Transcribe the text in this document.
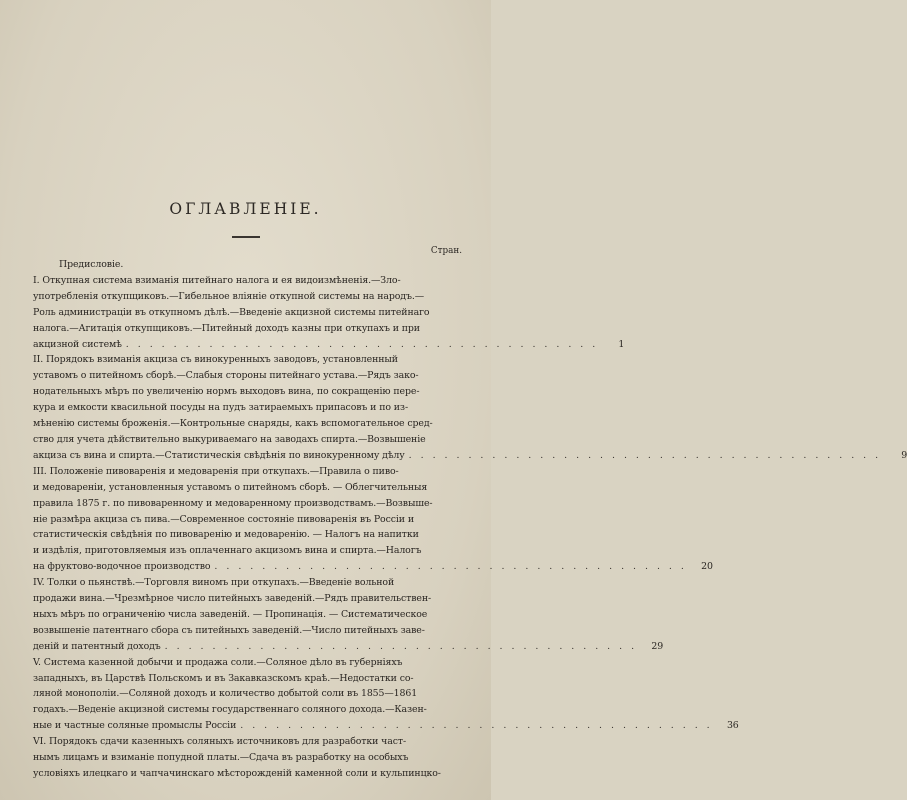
ОГЛАВЛЕНІЕ.
Стран.
Предисловіе.
I. Откупная система взиманія питейнаго налога и ея видоизмѣненія.—Зло-
употребленія откупщиковъ.—Гибельное вліяніе откупной системы на народъ.—
Роль администраціи въ откупномъ дѣлѣ.—Введеніе акцизной системы питейнаго
налога.—Агитація откупщиковъ.—Питейный доходъ казны при откупахъ и при
акцизной системѣ . . . . . . . . . . . . . . . . . . . . . . . . . . . . . . . . . . . . . . . .	1
II. Порядокъ взиманія акциза съ винокуренныхъ заводовъ, установленный
уставомъ о питейномъ сборѣ.—Слабыя стороны питейнаго устава.—Рядъ зако-
нодательныхъ мѣръ по увеличенію нормъ выходовъ вина, по сокращенію пере-
кура и емкости квасильной посуды на пудъ затираемыхъ припасовъ и по из-
мѣненію системы броженія.—Контрольные снаряды, какъ вспомогательное сред-
ство для учета дѣйствительно выкуриваемаго на заводахъ спирта.—Возвышеніе
акциза съ вина и спирта.—Статистическія свѣдѣнія по винокуренному дѣлу . . . . . . . . . . . . . . . . . . . . . . . . . . . . . . . . . . . . . . . .	9
III. Положеніе пивоваренія и медоваренія при откупахъ.—Правила о пиво-
и медовареніи, установленныя уставомъ о питейномъ сборѣ. — Облегчительныя
правила 1875 г. по пивоваренному и медоваренному производствамъ.—Возвыше-
ніе размѣра акциза съ пива.—Современное состояніе пивоваренія въ Россіи и
статистическія свѣдѣнія по пивоваренію и медоваренію. — Налогъ на напитки
и издѣлія, приготовляемыя изъ оплаченнаго акцизомъ вина и спирта.—Налогъ
на фруктово-водочное производство . . . . . . . . . . . . . . . . . . . . . . . . . . . . . . . . . . . . . . . .	20
IV. Толки о пьянствѣ.—Торговля виномъ при откупахъ.—Введеніе вольной
продажи вина.—Чрезмѣрное число питейныхъ заведеній.—Рядъ правительствен-
ныхъ мѣръ по ограниченію числа заведеній. — Пропинація. — Систематическое
возвышеніе патентнаго сбора съ питейныхъ заведеній.—Число питейныхъ заве-
деній и патентный доходъ . . . . . . . . . . . . . . . . . . . . . . . . . . . . . . . . . . . . . . . .	29
V. Система казенной добычи и продажа соли.—Соляное дѣло въ губерніяхъ
западныхъ, въ Царствѣ Польскомъ и въ Закавказскомъ краѣ.—Недостатки со-
ляной монополіи.—Соляной доходъ и количество добытой соли въ 1855—1861
годахъ.—Веденіе акцизной системы государственнаго соляного дохода.—Казен-
ные и частные соляные промыслы Россіи . . . . . . . . . . . . . . . . . . . . . . . . . . . . . . . . . . . . . . . .	36
VI. Порядокъ сдачи казенныхъ соляныхъ источниковъ для разработки част-
нымъ лицамъ и взиманіе попудной платы.—Сдача въ разработку на особыхъ
условіяхъ илецкаго и чапчачинскаго мѣсторожденій каменной соли и кульпинцко-
